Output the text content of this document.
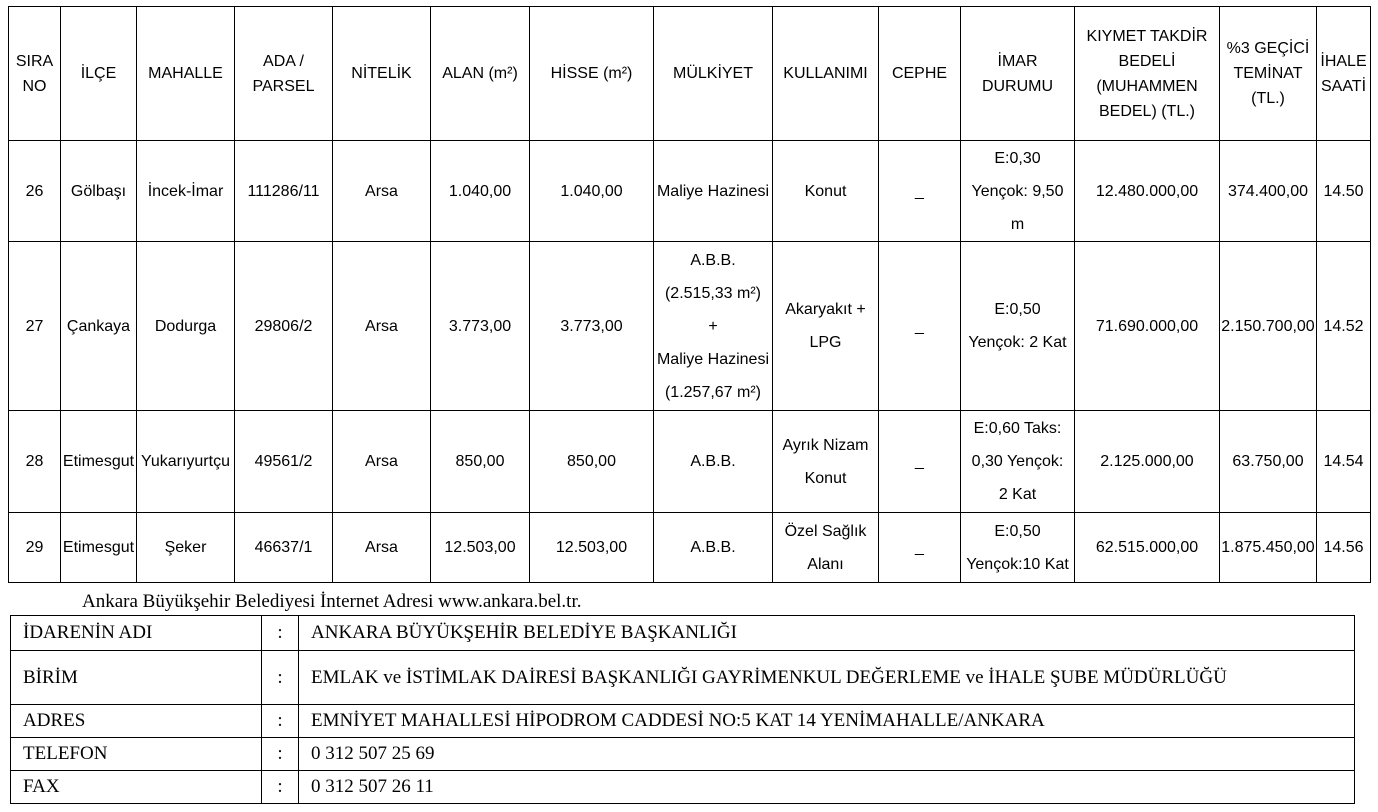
SIRA
NO	İLÇE	MAHALLE	ADA /
PARSEL	NİTELİK	ALAN (m²)	HİSSE (m²)	MÜLKİYET	KULLANIMI	CEPHE	İMAR
DURUMU	KIYMET TAKDİR
BEDELİ
(MUHAMMEN
BEDEL) (TL.)	%3 GEÇİCİ
TEMİNAT
(TL.)	İHALE
SAATİ
26	Gölbaşı	İncek-İmar	111286/11	Arsa	1.040,00	1.040,00	Maliye Hazinesi	Konut	_	E:0,30
Yençok: 9,50
m	12.480.000,00	374.400,00	14.50
27	Çankaya	Dodurga	29806/2	Arsa	3.773,00	3.773,00	A.B.B.
(2.515,33 m²)
+
Maliye Hazinesi
(1.257,67 m²)	Akaryakıt +
LPG	_	E:0,50
Yençok: 2 Kat	71.690.000,00	2.150.700,00	14.52
28	Etimesgut	Yukarıyurtçu	49561/2	Arsa	850,00	850,00	A.B.B.	Ayrık Nizam
Konut	_	E:0,60 Taks:
0,30 Yençok:
2 Kat	2.125.000,00	63.750,00	14.54
29	Etimesgut	Şeker	46637/1	Arsa	12.503,00	12.503,00	A.B.B.	Özel Sağlık
Alanı	_	E:0,50
Yençok:10 Kat	62.515.000,00	1.875.450,00	14.56
Ankara Büyükşehir Belediyesi İnternet Adresi www.ankara.bel.tr.
İDARENİN ADI	:	ANKARA BÜYÜKŞEHİR BELEDİYE BAŞKANLIĞI
BİRİM	:	EMLAK ve İSTİMLAK DAİRESİ BAŞKANLIĞI GAYRİMENKUL DEĞERLEME ve İHALE ŞUBE MÜDÜRLÜĞÜ
ADRES	:	EMNİYET MAHALLESİ HİPODROM CADDESİ NO:5 KAT 14 YENİMAHALLE/ANKARA
TELEFON	:	0 312 507 25 69
FAX	:	0 312 507 26 11
